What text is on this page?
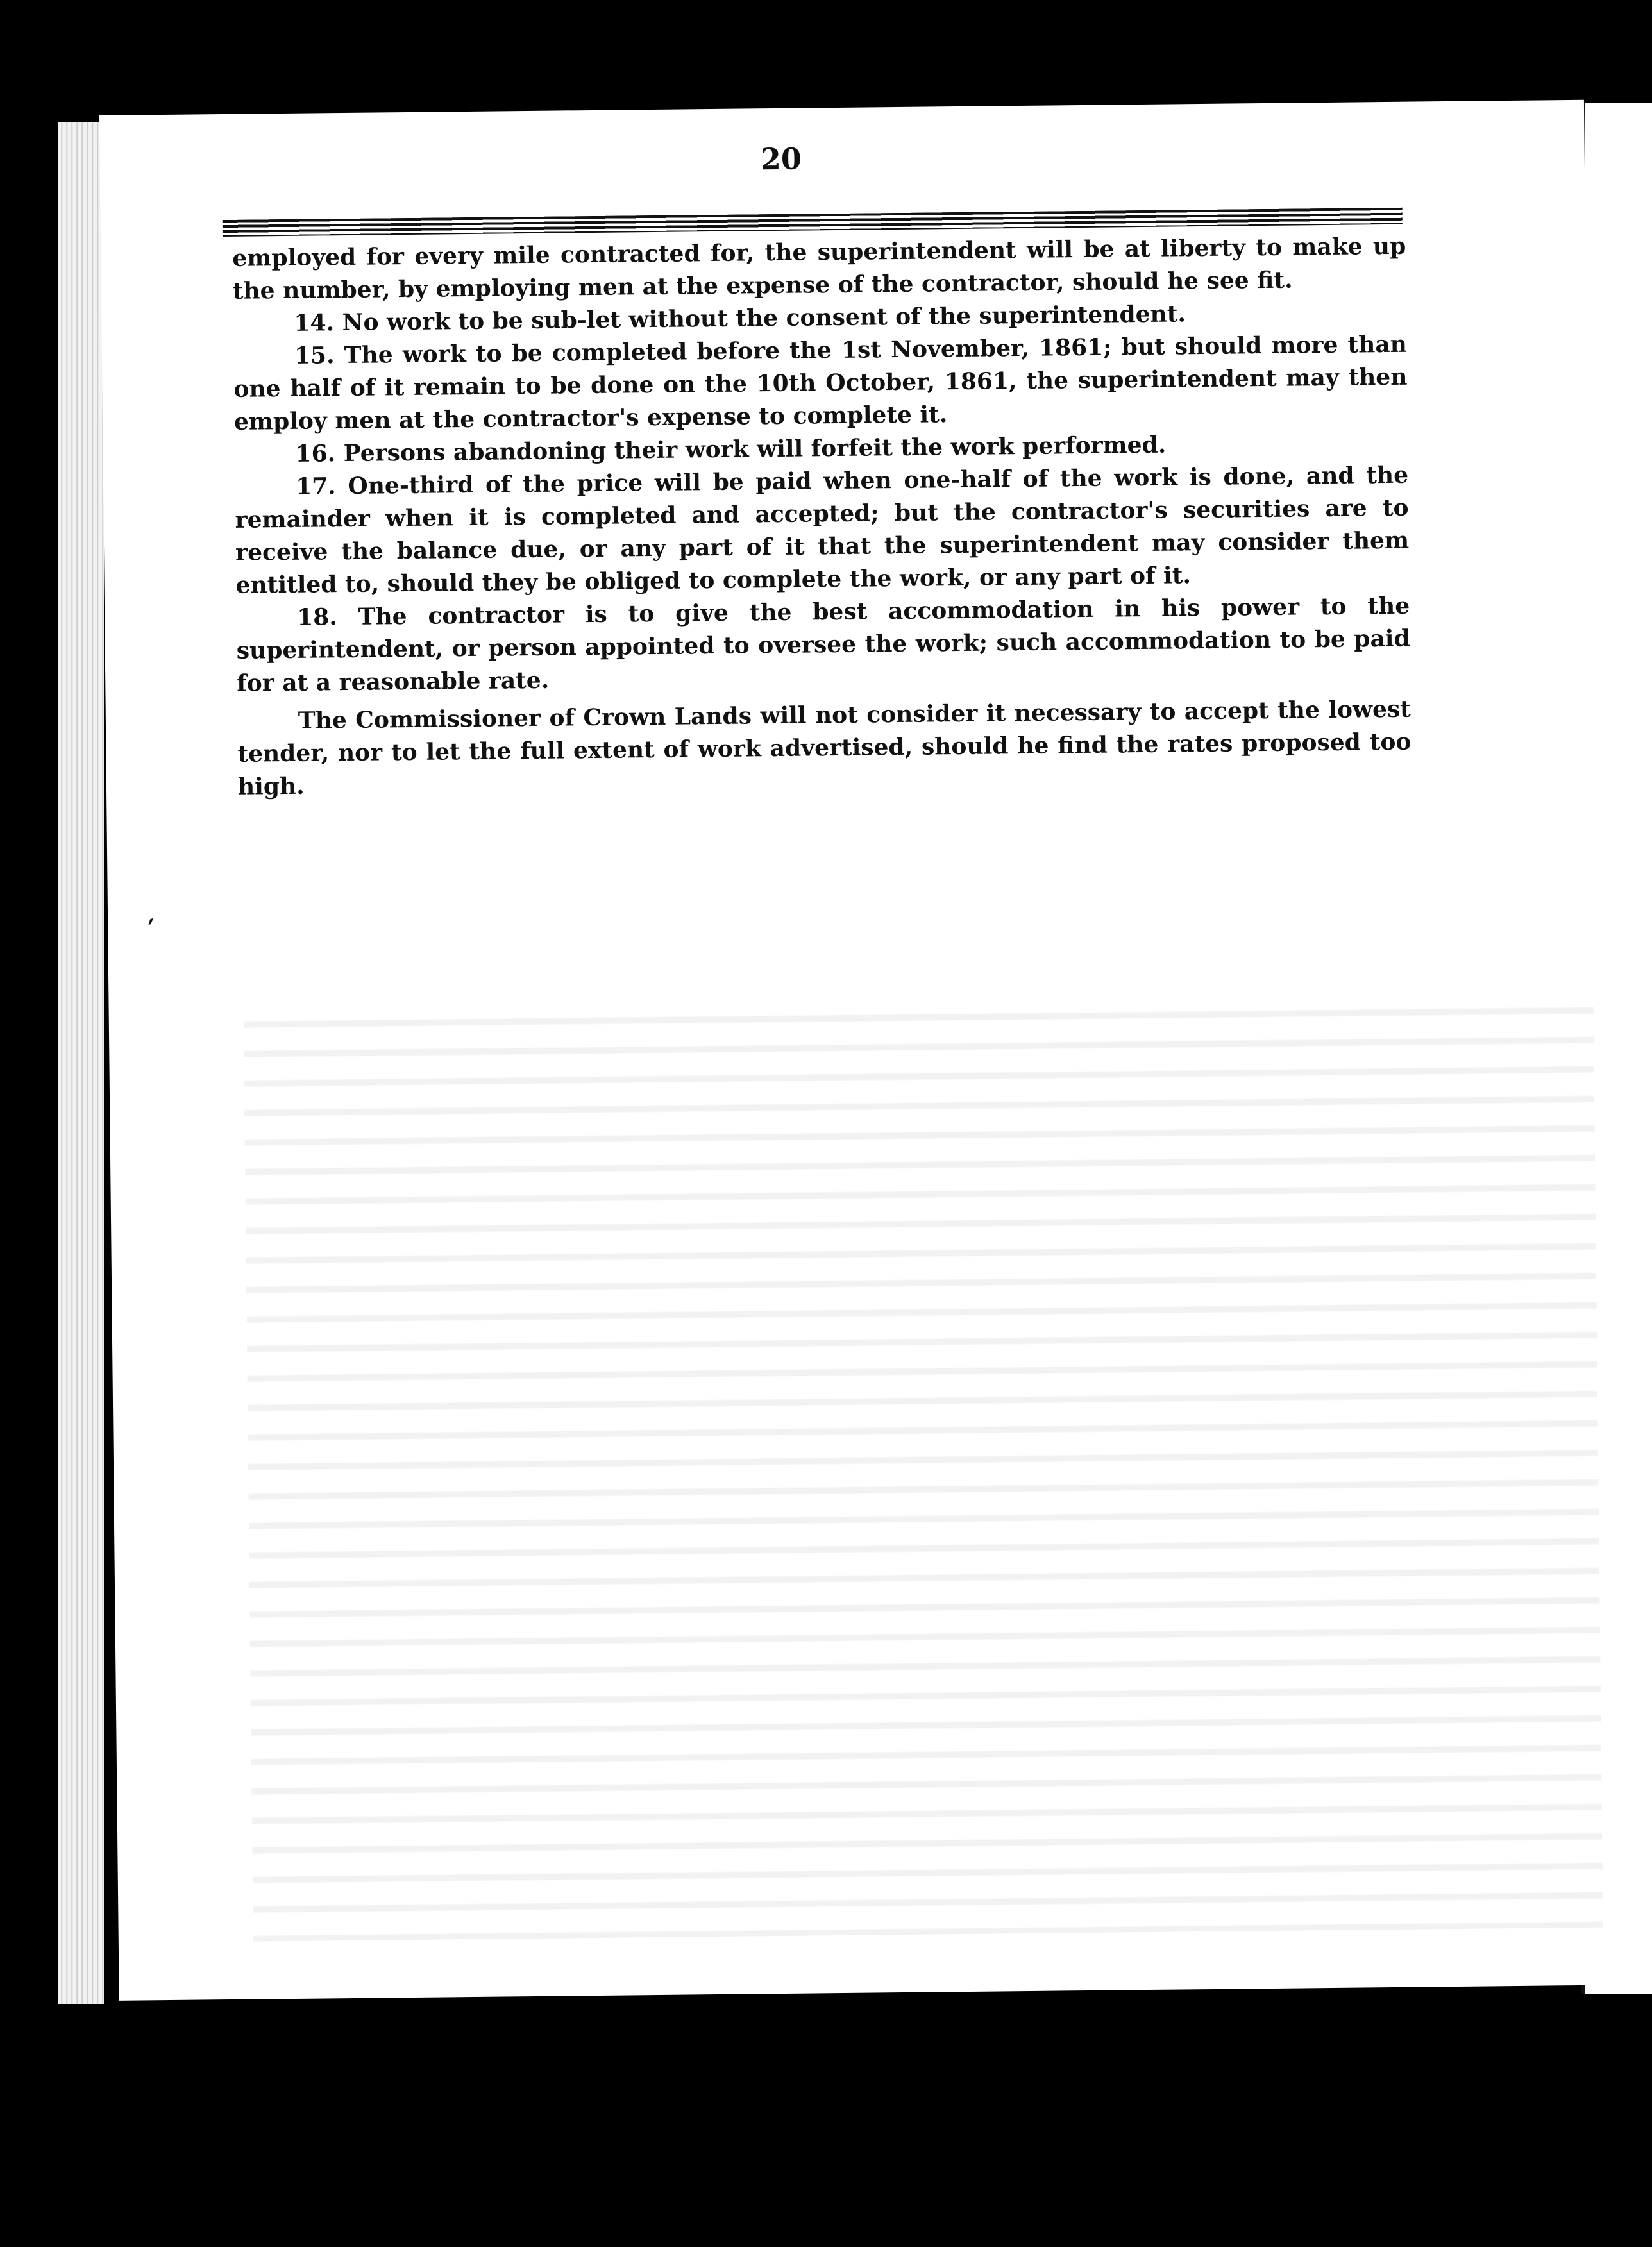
20

employed for every mile contracted for, the superintendent will be at liberty to make up the number, by employing men at the expense of the contractor, should he see fit.

14. No work to be sub-let without the consent of the superintendent.

15. The work to be completed before the 1st November, 1861; but should more than one half of it remain to be done on the 10th October, 1861, the superintendent may then employ men at the contractor's expense to complete it.

16. Persons abandoning their work will forfeit the work performed.

17. One-third of the price will be paid when one-half of the work is done, and the remainder when it is completed and accepted; but the contractor's securities are to receive the balance due, or any part of it that the superintendent may consider them entitled to, should they be obliged to complete the work, or any part of it.

18. The contractor is to give the best accommodation in his power to the superintendent, or person appointed to oversee the work; such accommodation to be paid for at a reasonable rate.

The Commissioner of Crown Lands will not consider it necessary to accept the lowest tender, nor to let the full extent of work advertised, should he find the rates proposed too high.

ˊ
